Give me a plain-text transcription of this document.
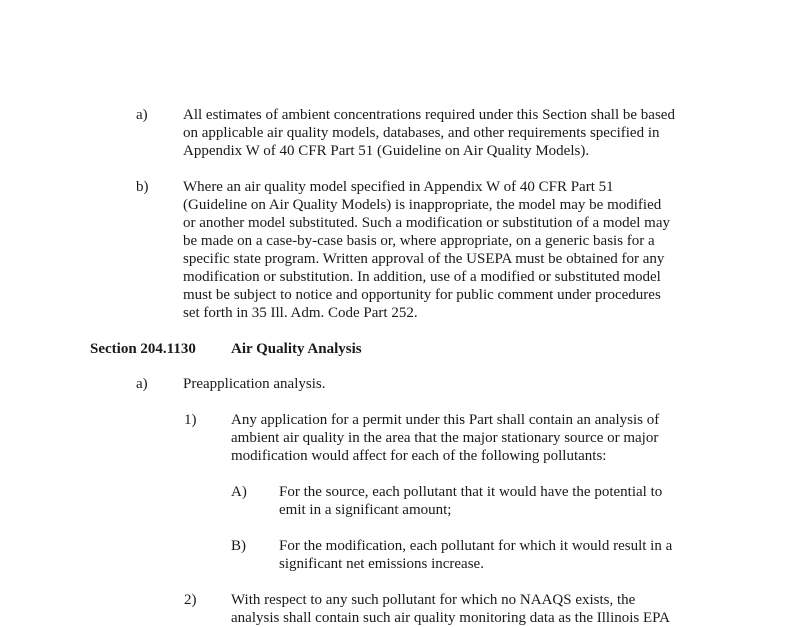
a) All estimates of ambient concentrations required under this Section shall be based
on applicable air quality models, databases, and other requirements specified in
Appendix W of 40 CFR Part 51 (Guideline on Air Quality Models).
b) Where an air quality model specified in Appendix W of 40 CFR Part 51
(Guideline on Air Quality Models) is inappropriate, the model may be modified
or another model substituted. Such a modification or substitution of a model may
be made on a case-by-case basis or, where appropriate, on a generic basis for a
specific state program. Written approval of the USEPA must be obtained for any
modification or substitution. In addition, use of a modified or substituted model
must be subject to notice and opportunity for public comment under procedures
set forth in 35 Ill. Adm. Code Part 252.
Section 204.1130 Air Quality Analysis
a) Preapplication analysis.
1) Any application for a permit under this Part shall contain an analysis of
ambient air quality in the area that the major stationary source or major
modification would affect for each of the following pollutants:
A) For the source, each pollutant that it would have the potential to
emit in a significant amount;
B) For the modification, each pollutant for which it would result in a
significant net emissions increase.
2) With respect to any such pollutant for which no NAAQS exists, the
analysis shall contain such air quality monitoring data as the Illinois EPA
